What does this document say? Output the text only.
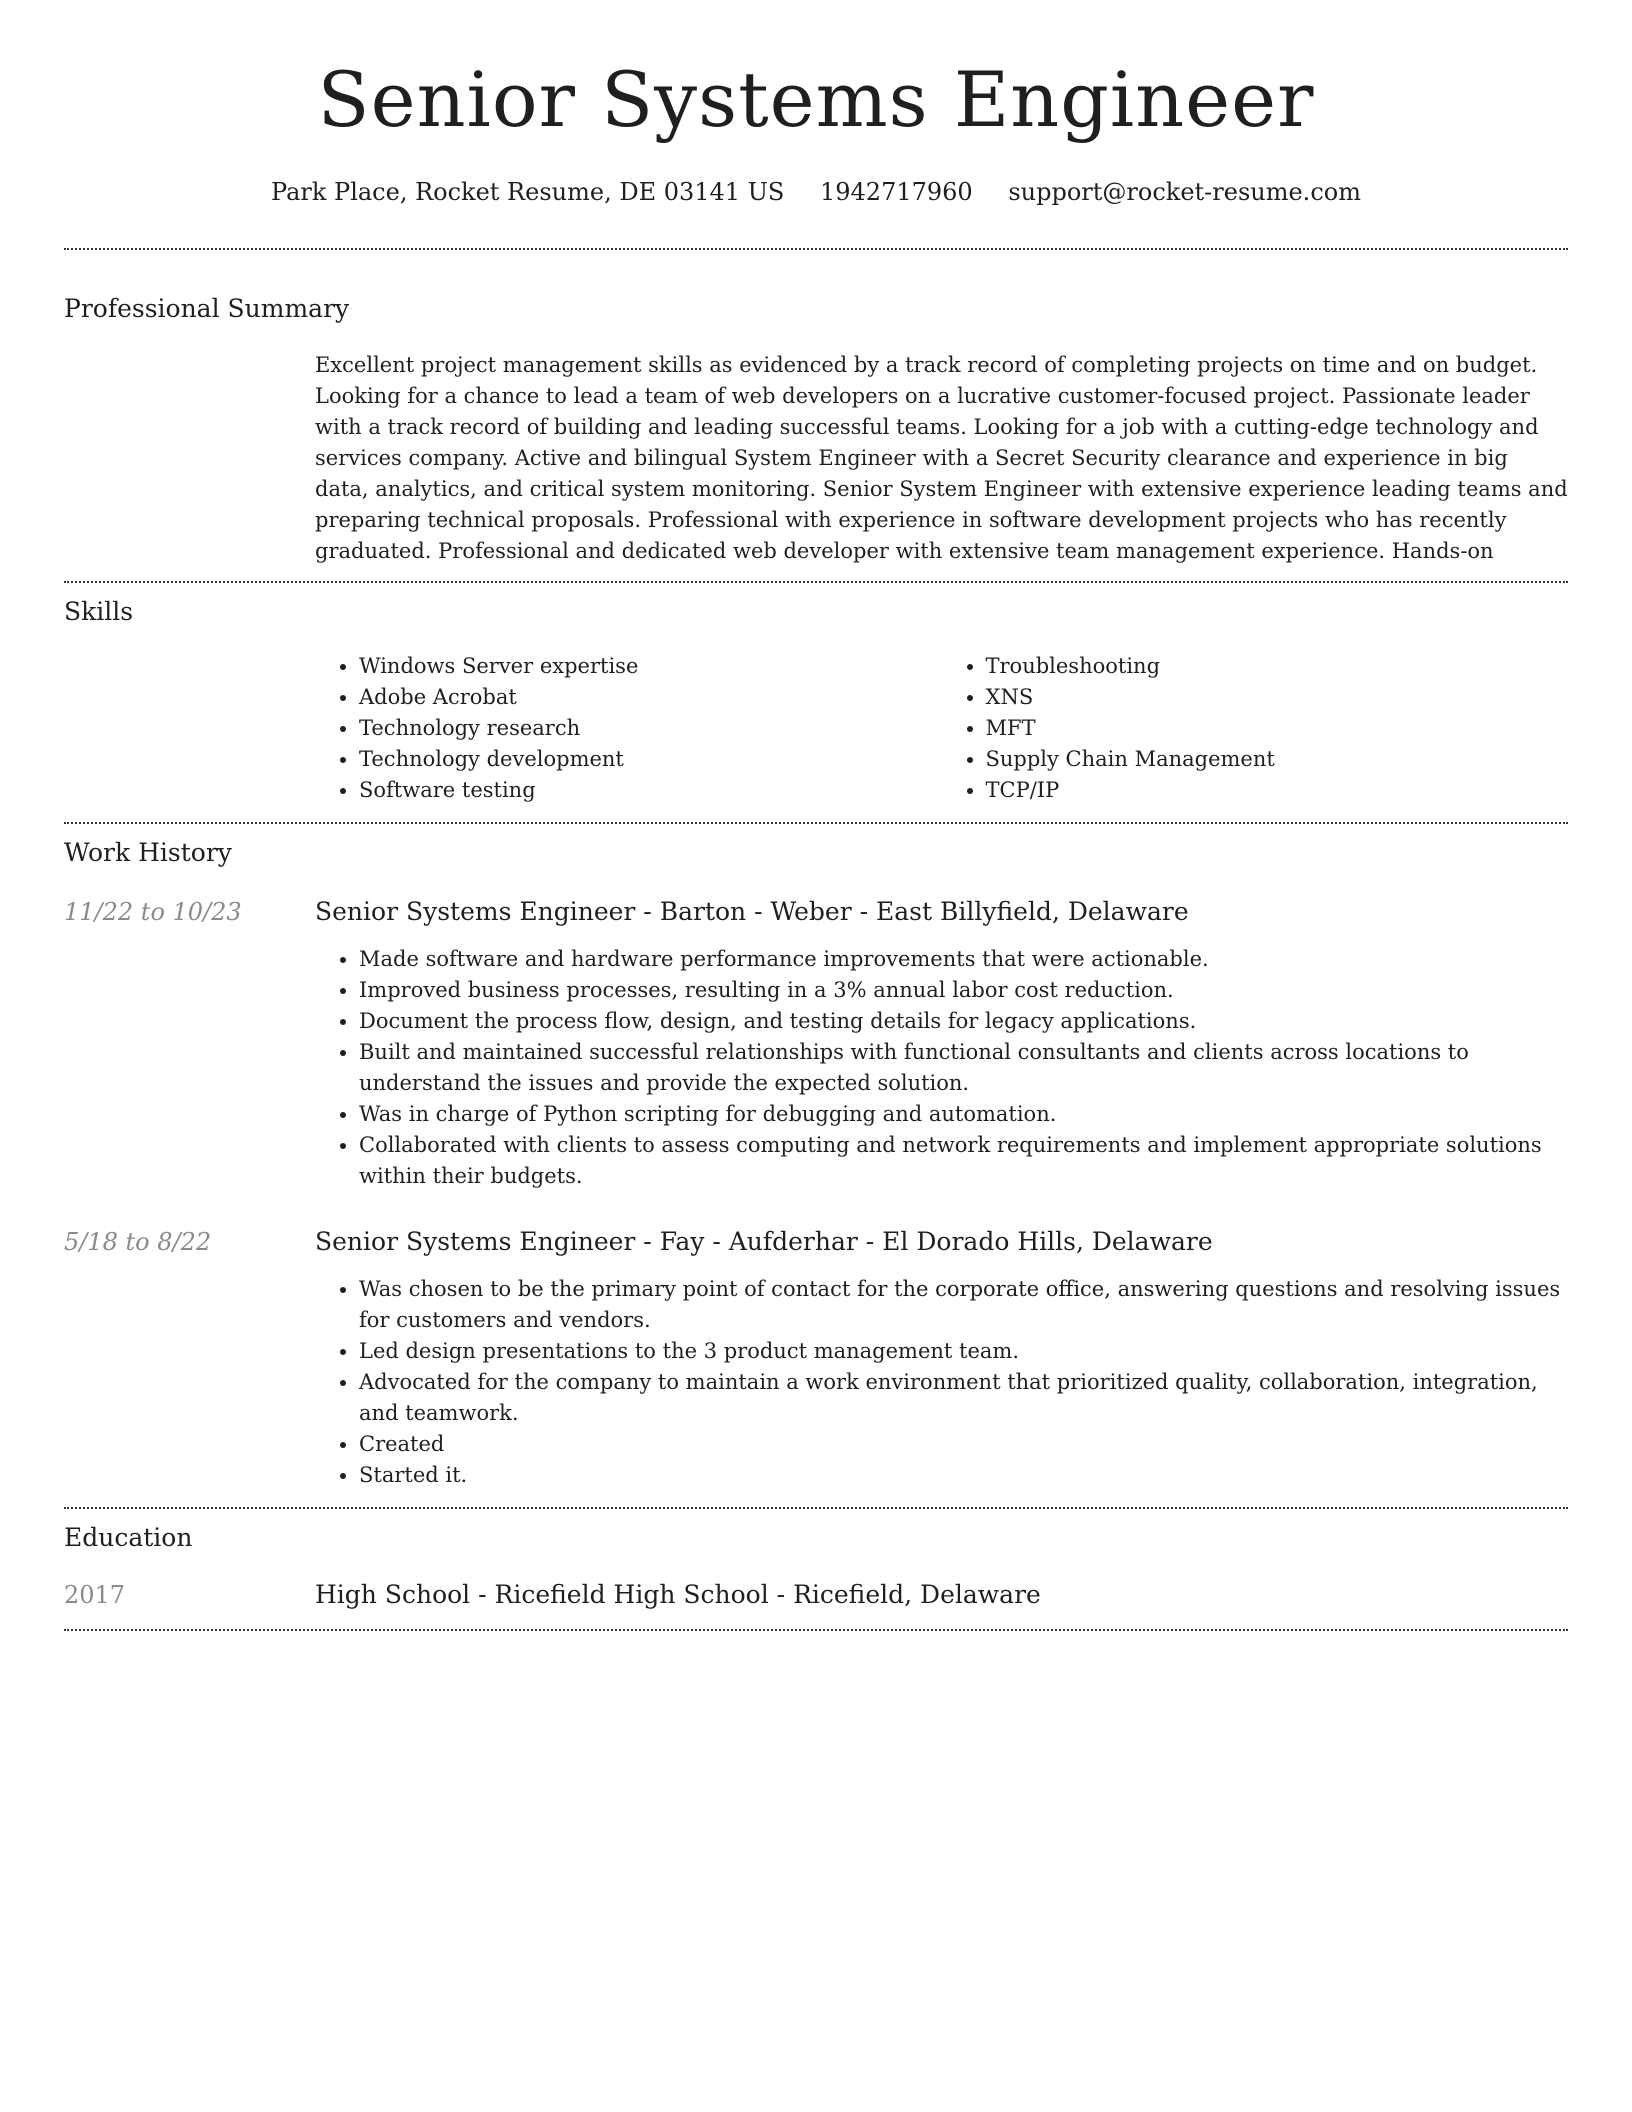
Senior Systems Engineer
Park Place, Rocket Resume, DE 03141 US 1942717960 support@rocket-resume.com
Professional Summary

Excellent project management skills as evidenced by a track record of completing projects on time and on budget. Looking for a chance to lead a team of web developers on a lucrative customer-focused project. Passionate leader with a track record of building and leading successful teams. Looking for a job with a cutting-edge technology and services company. Active and bilingual System Engineer with a Secret Security clearance and experience in big data, analytics, and critical system monitoring. Senior System Engineer with extensive experience leading teams and preparing technical proposals. Professional with experience in software development projects who has recently graduated. Professional and dedicated web developer with extensive team management experience. Hands-on

Skills
• Windows Server expertise
• Adobe Acrobat
• Technology research
• Technology development
• Software testing
• Troubleshooting
• XNS
• MFT
• Supply Chain Management
• TCP/IP
Work History
11/22 to 10/23	Senior Systems Engineer - Barton - Weber - East Billyfield, Delaware
• Made software and hardware performance improvements that were actionable.
• Improved business processes, resulting in a 3% annual labor cost reduction.
• Document the process flow, design, and testing details for legacy applications.
• Built and maintained successful relationships with functional consultants and clients across locations to understand the issues and provide the expected solution.
• Was in charge of Python scripting for debugging and automation.
• Collaborated with clients to assess computing and network requirements and implement appropriate solutions within their budgets.
5/18 to 8/22	Senior Systems Engineer - Fay - Aufderhar - El Dorado Hills, Delaware
• Was chosen to be the primary point of contact for the corporate office, answering questions and resolving issues for customers and vendors.
• Led design presentations to the 3 product management team.
• Advocated for the company to maintain a work environment that prioritized quality, collaboration, integration, and teamwork.
• Created
• Started it.
Education
2017	High School - Ricefield High School - Ricefield, Delaware
